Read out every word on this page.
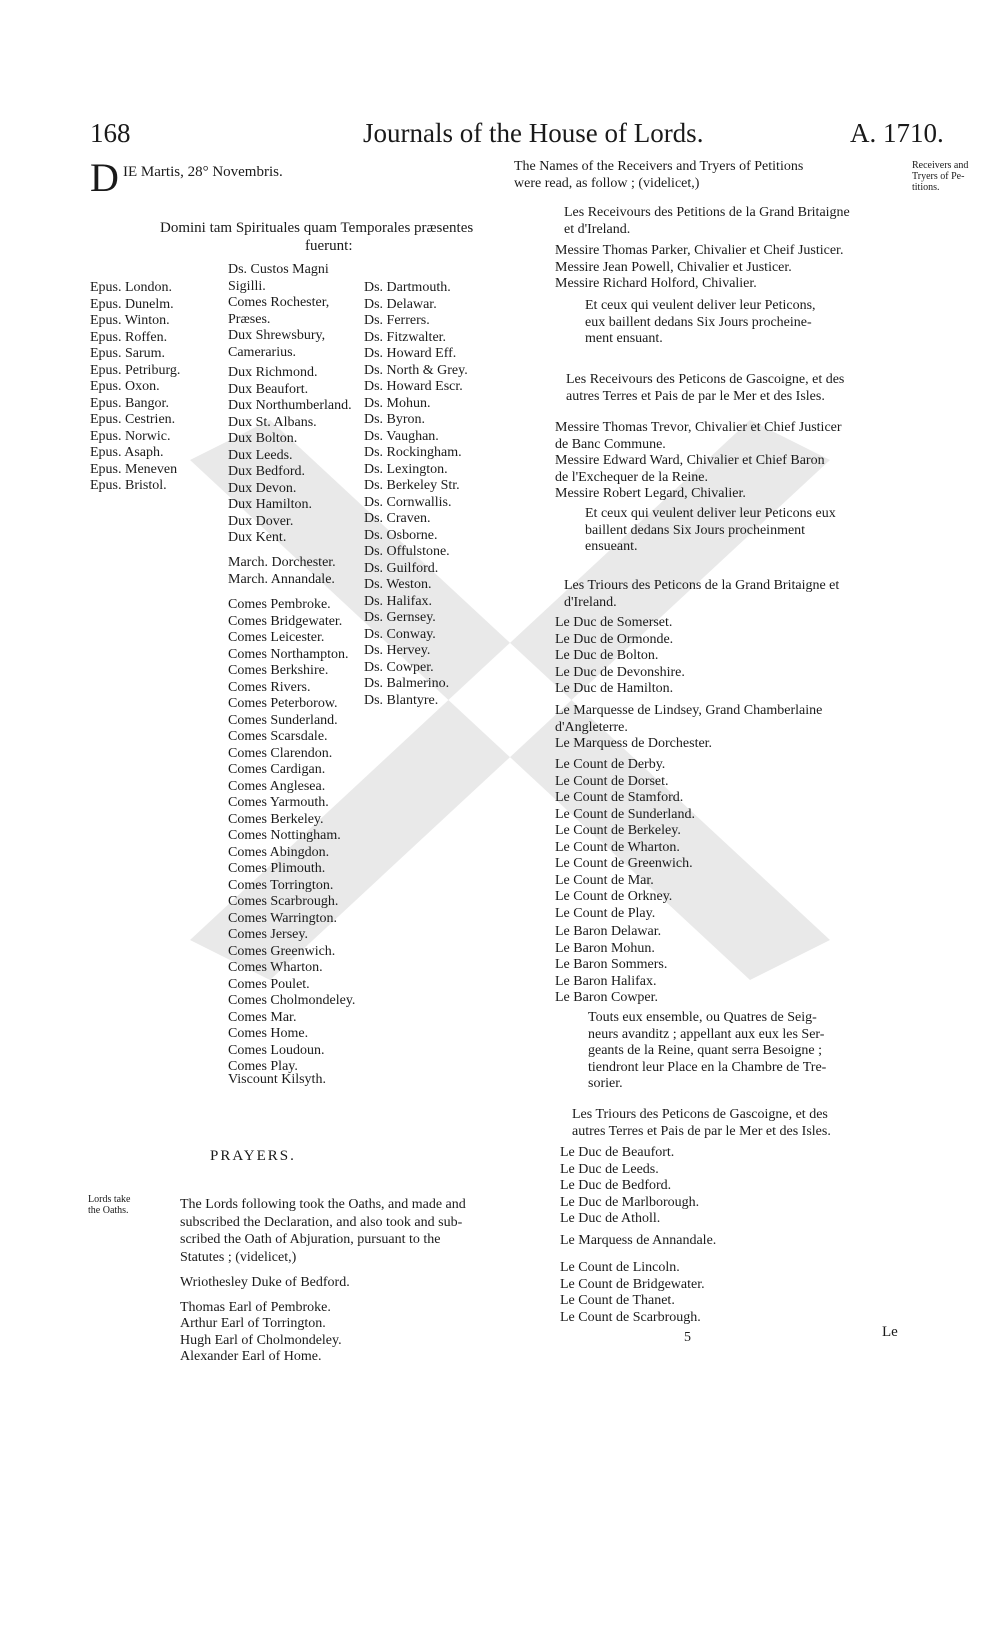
168	Journals of the House of Lords.	A. 1710.
D IE Martis, 28° Novembris.
Domini tam Spirituales quam Temporales præsentes
fuerunt:
Epus. London.
Epus. Dunelm.
Epus. Winton.
Epus. Roffen.
Epus. Sarum.
Epus. Petriburg.
Epus. Oxon.
Epus. Bangor.
Epus. Cestrien.
Epus. Norwic.
Epus. Asaph.
Epus. Meneven
Epus. Bristol.
Ds. Custos Magni
Sigilli.
Comes Rochester,
Præses.
Dux Shrewsbury,
Camerarius.
Dux Richmond.
Dux Beaufort.
Dux Northumberland.
Dux St. Albans.
Dux Bolton.
Dux Leeds.
Dux Bedford.
Dux Devon.
Dux Hamilton.
Dux Dover.
Dux Kent.
March. Dorchester.
March. Annandale.
Comes Pembroke.
Comes Bridgewater.
Comes Leicester.
Comes Northampton.
Comes Berkshire.
Comes Rivers.
Comes Peterborow.
Comes Sunderland.
Comes Scarsdale.
Comes Clarendon.
Comes Cardigan.
Comes Anglesea.
Comes Yarmouth.
Comes Berkeley.
Comes Nottingham.
Comes Abingdon.
Comes Plimouth.
Comes Torrington.
Comes Scarbrough.
Comes Warrington.
Comes Jersey.
Comes Greenwich.
Comes Wharton.
Comes Poulet.
Comes Cholmondeley.
Comes Mar.
Comes Home.
Comes Loudoun.
Comes Play.
Viscount Kilsyth.
Ds. Dartmouth.
Ds. Delawar.
Ds. Ferrers.
Ds. Fitzwalter.
Ds. Howard Eff.
Ds. North & Grey.
Ds. Howard Escr.
Ds. Mohun.
Ds. Byron.
Ds. Vaughan.
Ds. Rockingham.
Ds. Lexington.
Ds. Berkeley Str.
Ds. Cornwallis.
Ds. Craven.
Ds. Osborne.
Ds. Offulstone.
Ds. Guilford.
Ds. Weston.
Ds. Halifax.
Ds. Gernsey.
Ds. Conway.
Ds. Hervey.
Ds. Cowper.
Ds. Balmerino.
Ds. Blantyre.
PRAYERS.
Lords take
the Oaths.	The Lords following took the Oaths, and made and
subscribed the Declaration, and also took and sub-
scribed the Oath of Abjuration, pursuant to the
Statutes ; (videlicet,)
Wriothesley Duke of Bedford.
Thomas Earl of Pembroke.
Arthur Earl of Torrington.
Hugh Earl of Cholmondeley.
Alexander Earl of Home.
Receivers and
Tryers of Pe-
titions.
The Names of the Receivers and Tryers of Petitions
were read, as follow ; (videlicet,)
Les Receivours des Petitions de la Grand Britaigne
et d'Ireland.
Messire Thomas Parker, Chivalier et Cheif Justicer.
Messire Jean Powell, Chivalier et Justicer.
Messire Richard Holford, Chivalier.
Et ceux qui veulent deliver leur Peticons,
eux baillent dedans Six Jours procheine-
ment ensuant.
Les Receivours des Peticons de Gascoigne, et des
autres Terres et Pais de par le Mer et des Isles.
Messire Thomas Trevor, Chivalier et Chief Justicer
de Banc Commune.
Messire Edward Ward, Chivalier et Chief Baron
de l'Exchequer de la Reine.
Messire Robert Legard, Chivalier.
Et ceux qui veulent deliver leur Peticons eux
baillent dedans Six Jours procheinment
ensueant.
Les Triours des Peticons de la Grand Britaigne et
d'Ireland.
Le Duc de Somerset.
Le Duc de Ormonde.
Le Duc de Bolton.
Le Duc de Devonshire.
Le Duc de Hamilton.
Le Marquesse de Lindsey, Grand Chamberlaine
d'Angleterre.
Le Marquess de Dorchester.
Le Count de Derby.
Le Count de Dorset.
Le Count de Stamford.
Le Count de Sunderland.
Le Count de Berkeley.
Le Count de Wharton.
Le Count de Greenwich.
Le Count de Mar.
Le Count de Orkney.
Le Count de Play.
Le Baron Delawar.
Le Baron Mohun.
Le Baron Sommers.
Le Baron Halifax.
Le Baron Cowper.
Touts eux ensemble, ou Quatres de Seig-
neurs avanditz ; appellant aux eux les Ser-
geants de la Reine, quant serra Besoigne ;
tiendront leur Place en la Chambre de Tre-
sorier.
Les Triours des Peticons de Gascoigne, et des
autres Terres et Pais de par le Mer et des Isles.
Le Duc de Beaufort.
Le Duc de Leeds.
Le Duc de Bedford.
Le Duc de Marlborough.
Le Duc de Atholl.
Le Marquess de Annandale.
Le Count de Lincoln.
Le Count de Bridgewater.
Le Count de Thanet.
Le Count de Scarbrough.
5	Le
